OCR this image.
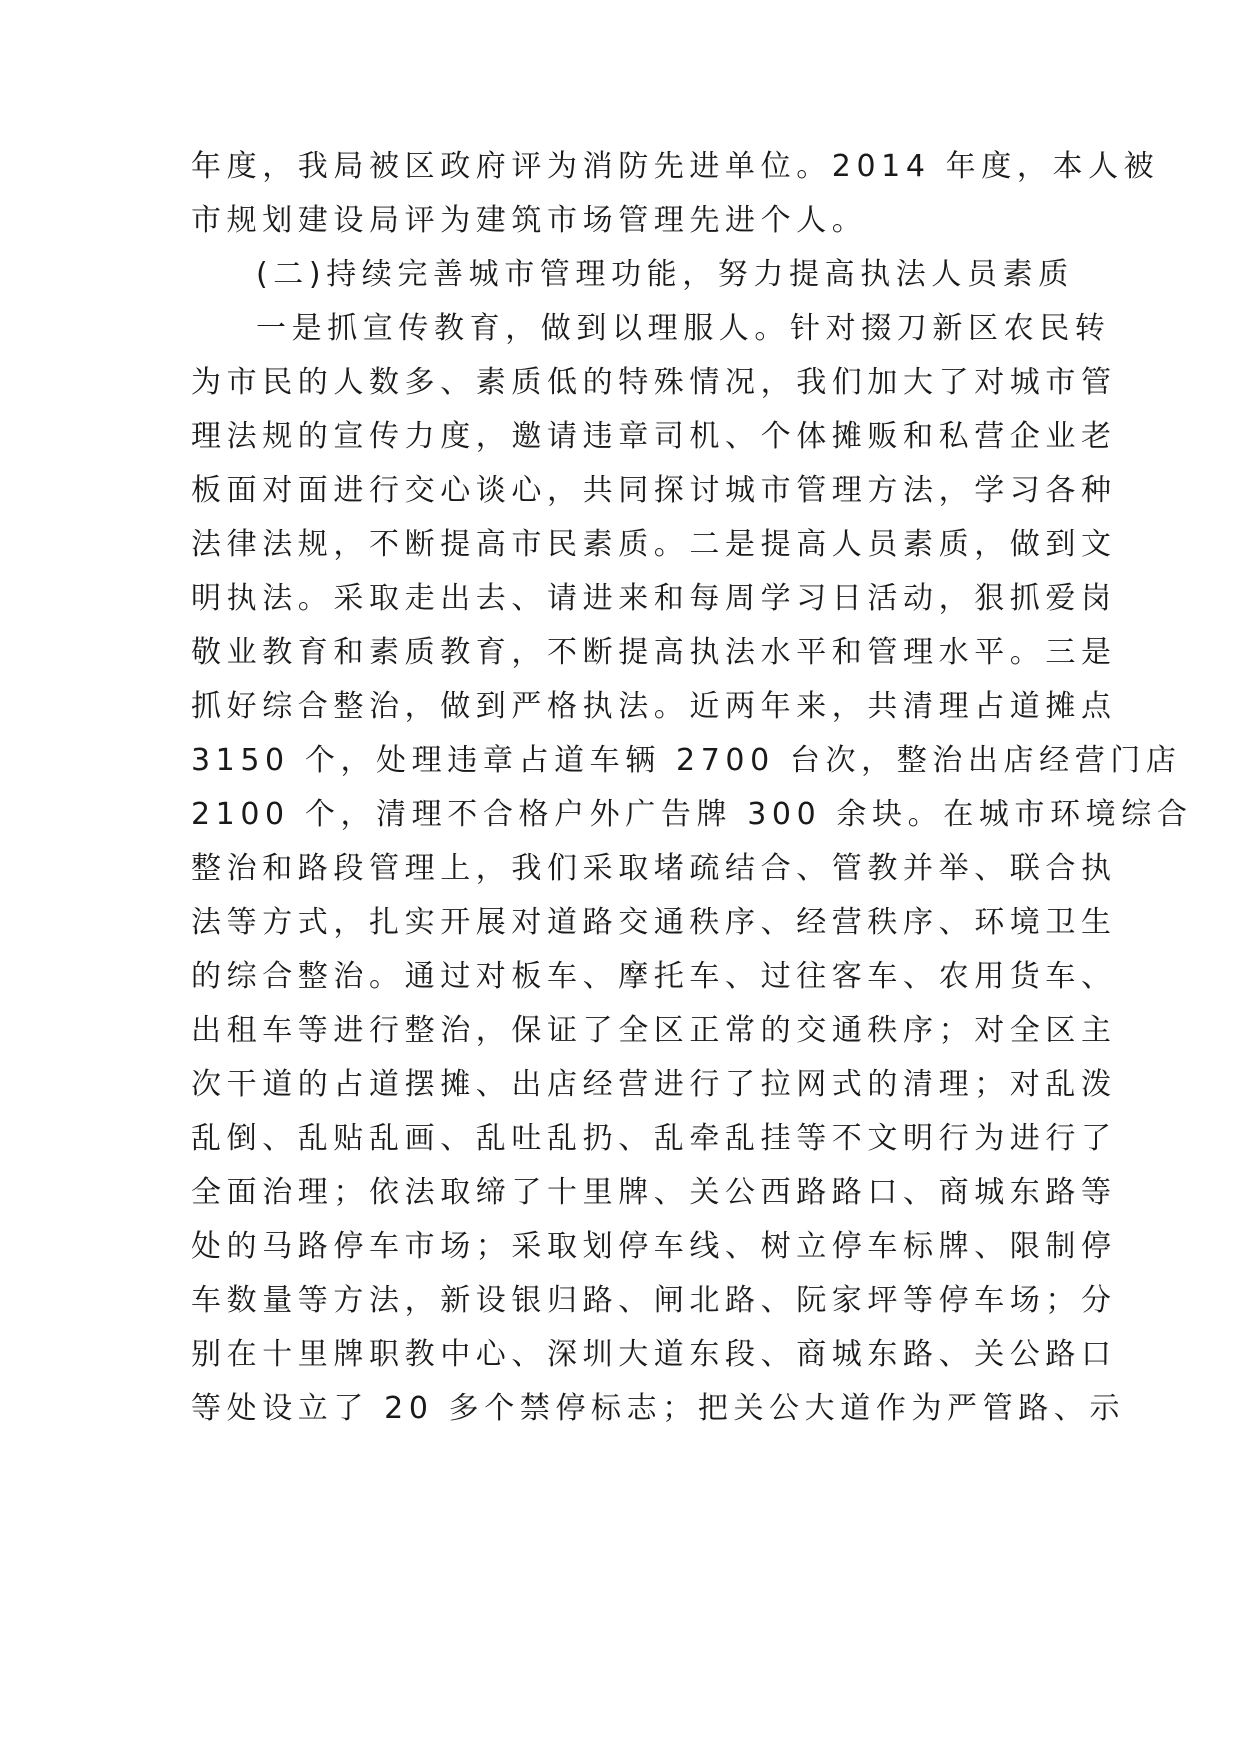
年度，我局被区政府评为消防先进单位。2014 年度，本人被
市规划建设局评为建筑市场管理先进个人。
(二)持续完善城市管理功能，努力提高执法人员素质
一是抓宣传教育，做到以理服人。针对掇刀新区农民转
为市民的人数多、素质低的特殊情况，我们加大了对城市管
理法规的宣传力度，邀请违章司机、个体摊贩和私营企业老
板面对面进行交心谈心，共同探讨城市管理方法，学习各种
法律法规，不断提高市民素质。二是提高人员素质，做到文
明执法。采取走出去、请进来和每周学习日活动，狠抓爱岗
敬业教育和素质教育，不断提高执法水平和管理水平。三是
抓好综合整治，做到严格执法。近两年来，共清理占道摊点
3150 个，处理违章占道车辆 2700 台次，整治出店经营门店
2100 个，清理不合格户外广告牌 300 余块。在城市环境综合
整治和路段管理上，我们采取堵疏结合、管教并举、联合执
法等方式，扎实开展对道路交通秩序、经营秩序、环境卫生
的综合整治。通过对板车、摩托车、过往客车、农用货车、
出租车等进行整治，保证了全区正常的交通秩序；对全区主
次干道的占道摆摊、出店经营进行了拉网式的清理；对乱泼
乱倒、乱贴乱画、乱吐乱扔、乱牵乱挂等不文明行为进行了
全面治理；依法取缔了十里牌、关公西路路口、商城东路等
处的马路停车市场；采取划停车线、树立停车标牌、限制停
车数量等方法，新设银归路、闸北路、阮家坪等停车场；分
别在十里牌职教中心、深圳大道东段、商城东路、关公路口
等处设立了 20 多个禁停标志；把关公大道作为严管路、示
